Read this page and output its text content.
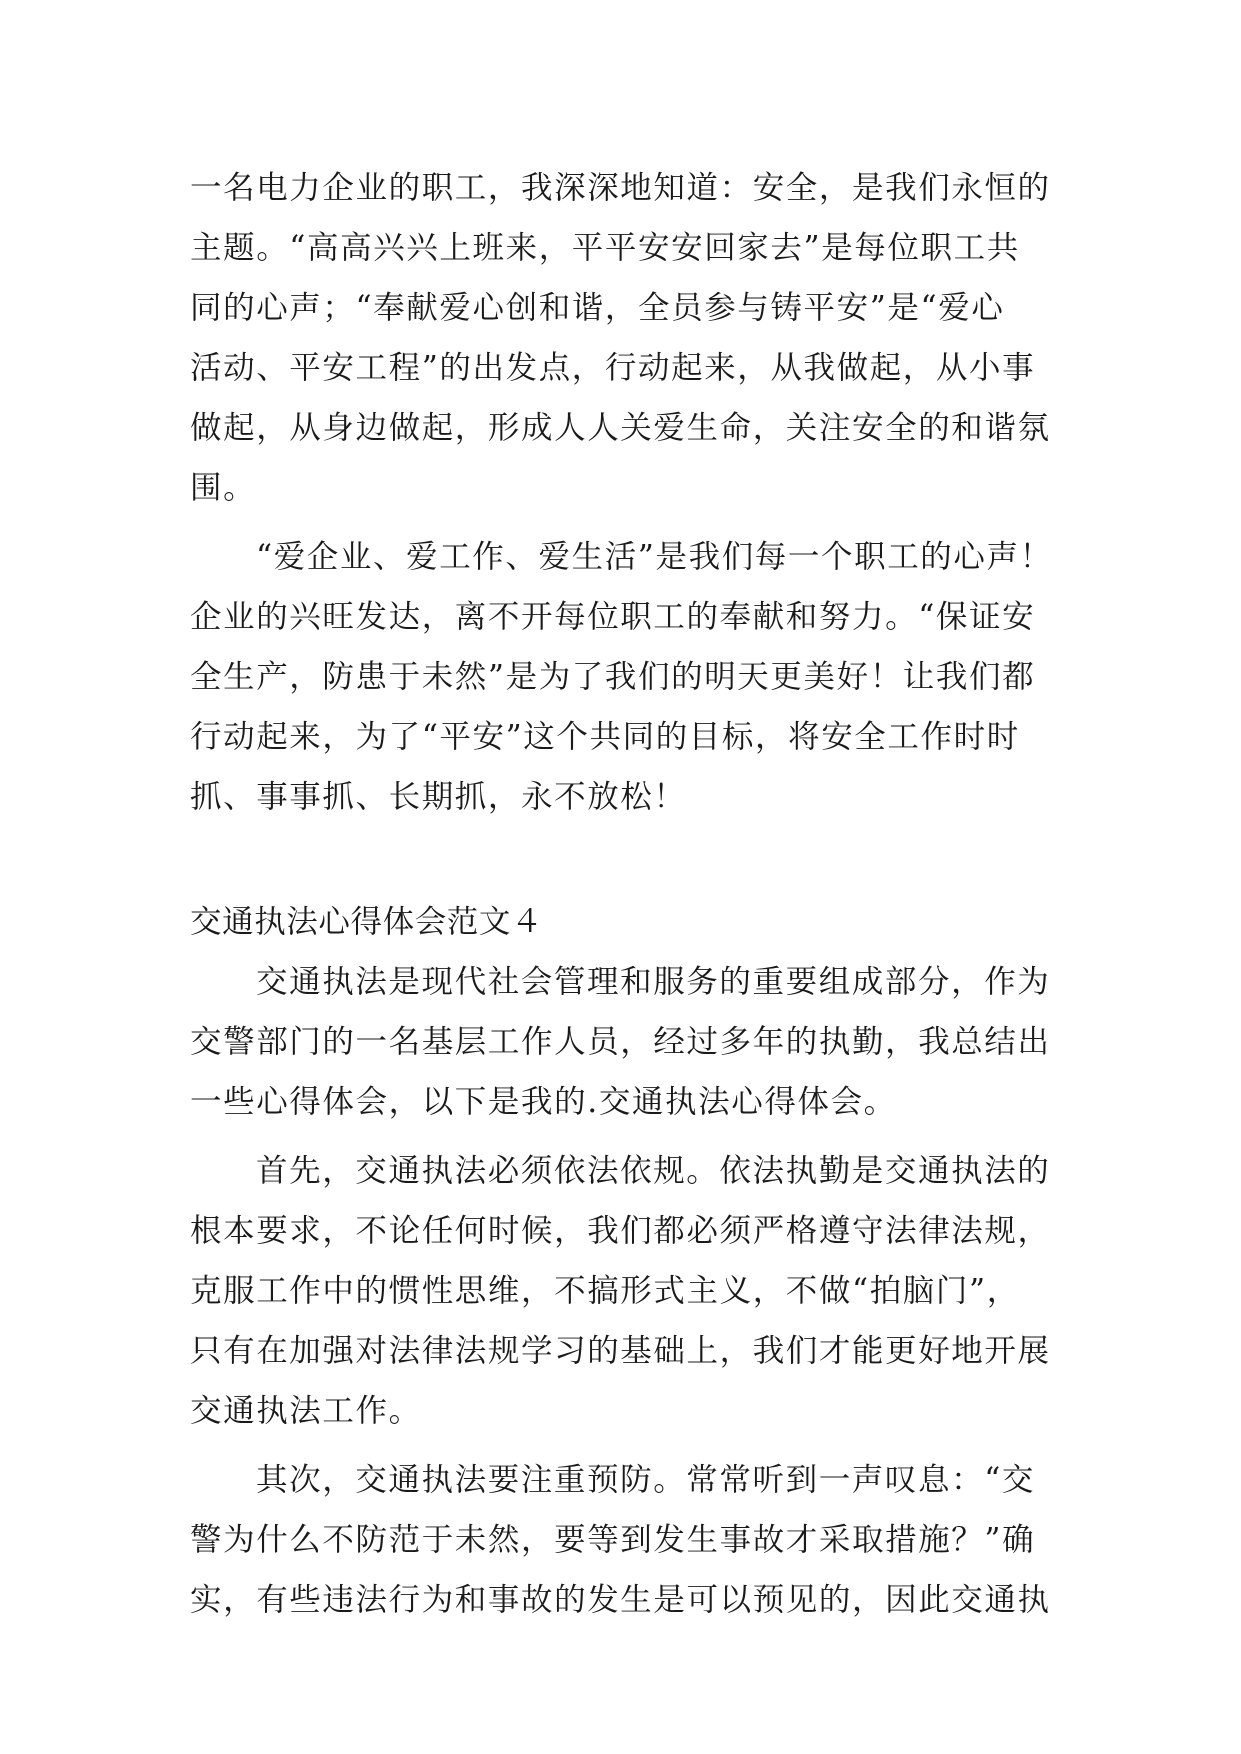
一名电力企业的职工，我深深地知道：安全，是我们永恒的
主题。“高高兴兴上班来，平平安安回家去”是每位职工共
同的心声；“奉献爱心创和谐，全员参与铸平安”是“爱心
活动、平安工程”的出发点，行动起来，从我做起，从小事
做起，从身边做起，形成人人关爱生命，关注安全的和谐氛
围。
“爱企业、爱工作、爱生活”是我们每一个职工的心声！
企业的兴旺发达，离不开每位职工的奉献和努力。“保证安
全生产，防患于未然”是为了我们的明天更美好！让我们都
行动起来，为了“平安”这个共同的目标，将安全工作时时
抓、事事抓、长期抓，永不放松！
交通执法心得体会范文４
交通执法是现代社会管理和服务的重要组成部分，作为
交警部门的一名基层工作人员，经过多年的执勤，我总结出
一些心得体会，以下是我的.交通执法心得体会。
首先，交通执法必须依法依规。依法执勤是交通执法的
根本要求，不论任何时候，我们都必须严格遵守法律法规，
克服工作中的惯性思维，不搞形式主义，不做“拍脑门”，
只有在加强对法律法规学习的基础上，我们才能更好地开展
交通执法工作。
其次，交通执法要注重预防。常常听到一声叹息：“交
警为什么不防范于未然，要等到发生事故才采取措施？”确
实，有些违法行为和事故的发生是可以预见的，因此交通执
